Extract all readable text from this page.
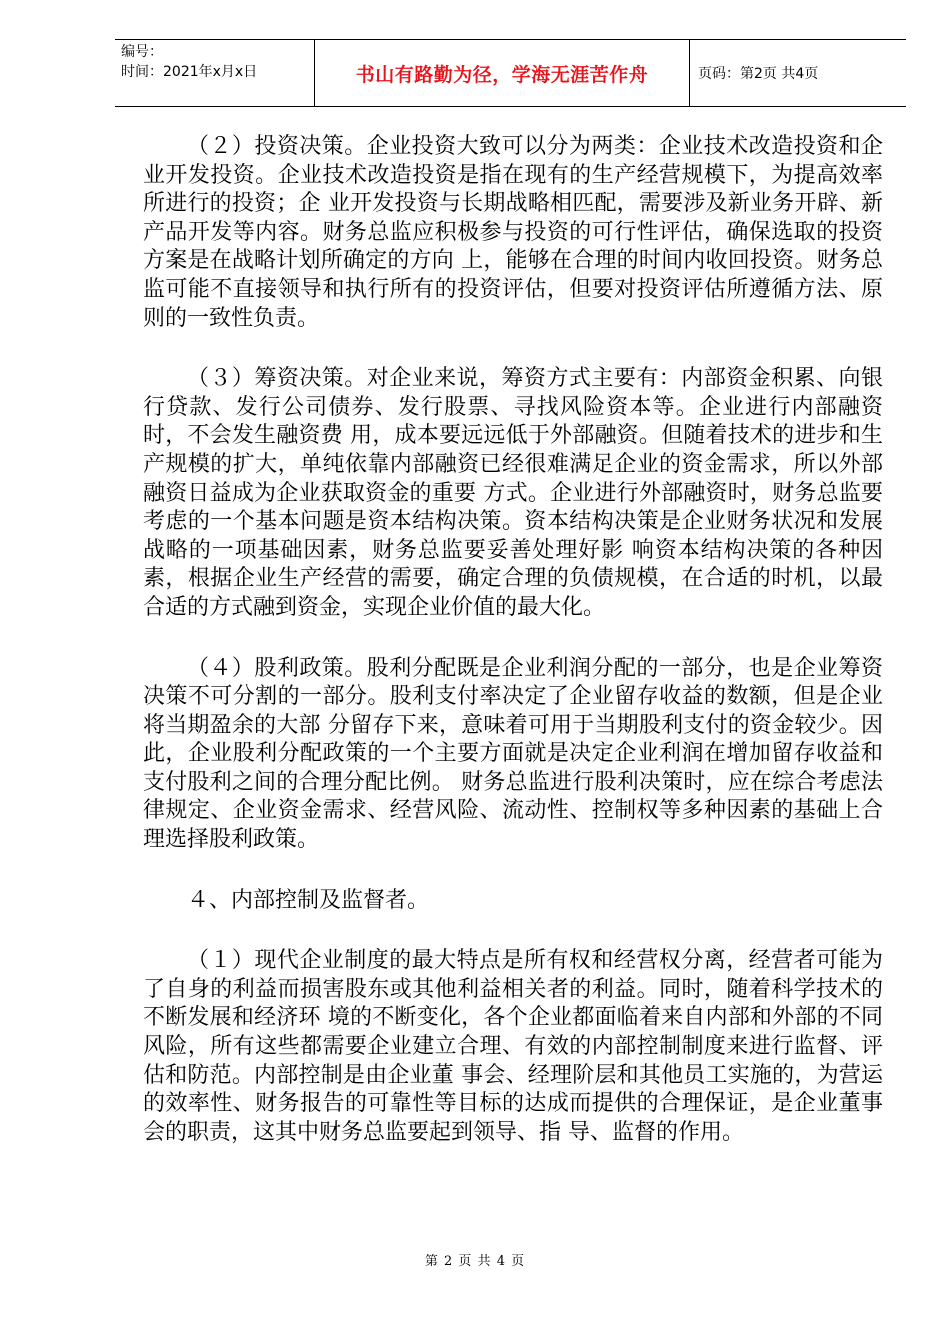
编号：
时间：2021年x月x日	书山有路勤为径，学海无涯苦作舟	页码：第2页 共4页

（２）投资决策。企业投资大致可以分为两类：企业技术改造投资和企业开发投资。企业技术改造投资是指在现有的生产经营规模下，为提高效率所进行的投资；企 业开发投资与长期战略相匹配，需要涉及新业务开辟、新产品开发等内容。财务总监应积极参与投资的可行性评估，确保选取的投资方案是在战略计划所确定的方向 上，能够在合理的时间内收回投资。财务总监可能不直接领导和执行所有的投资评估，但要对投资评估所遵循方法、原则的一致性负责。

（３）筹资决策。对企业来说，筹资方式主要有：内部资金积累、向银行贷款、发行公司债券、发行股票、寻找风险资本等。企业进行内部融资时，不会发生融资费 用，成本要远远低于外部融资。但随着技术的进步和生产规模的扩大，单纯依靠内部融资已经很难满足企业的资金需求，所以外部融资日益成为企业获取资金的重要 方式。企业进行外部融资时，财务总监要考虑的一个基本问题是资本结构决策。资本结构决策是企业财务状况和发展战略的一项基础因素，财务总监要妥善处理好影 响资本结构决策的各种因素，根据企业生产经营的需要，确定合理的负债规模，在合适的时机，以最合适的方式融到资金，实现企业价值的最大化。

（４）股利政策。股利分配既是企业利润分配的一部分，也是企业筹资决策不可分割的一部分。股利支付率决定了企业留存收益的数额，但是企业将当期盈余的大部 分留存下来，意味着可用于当期股利支付的资金较少。因此，企业股利分配政策的一个主要方面就是决定企业利润在增加留存收益和支付股利之间的合理分配比例。 财务总监进行股利决策时，应在综合考虑法律规定、企业资金需求、经营风险、流动性、控制权等多种因素的基础上合理选择股利政策。

４、内部控制及监督者。

（１）现代企业制度的最大特点是所有权和经营权分离，经营者可能为了自身的利益而损害股东或其他利益相关者的利益。同时，随着科学技术的不断发展和经济环 境的不断变化，各个企业都面临着来自内部和外部的不同风险，所有这些都需要企业建立合理、有效的内部控制制度来进行监督、评估和防范。内部控制是由企业董 事会、经理阶层和其他员工实施的，为营运的效率性、财务报告的可靠性等目标的达成而提供的合理保证，是企业董事会的职责，这其中财务总监要起到领导、指 导、监督的作用。

第 2 页 共 4 页
